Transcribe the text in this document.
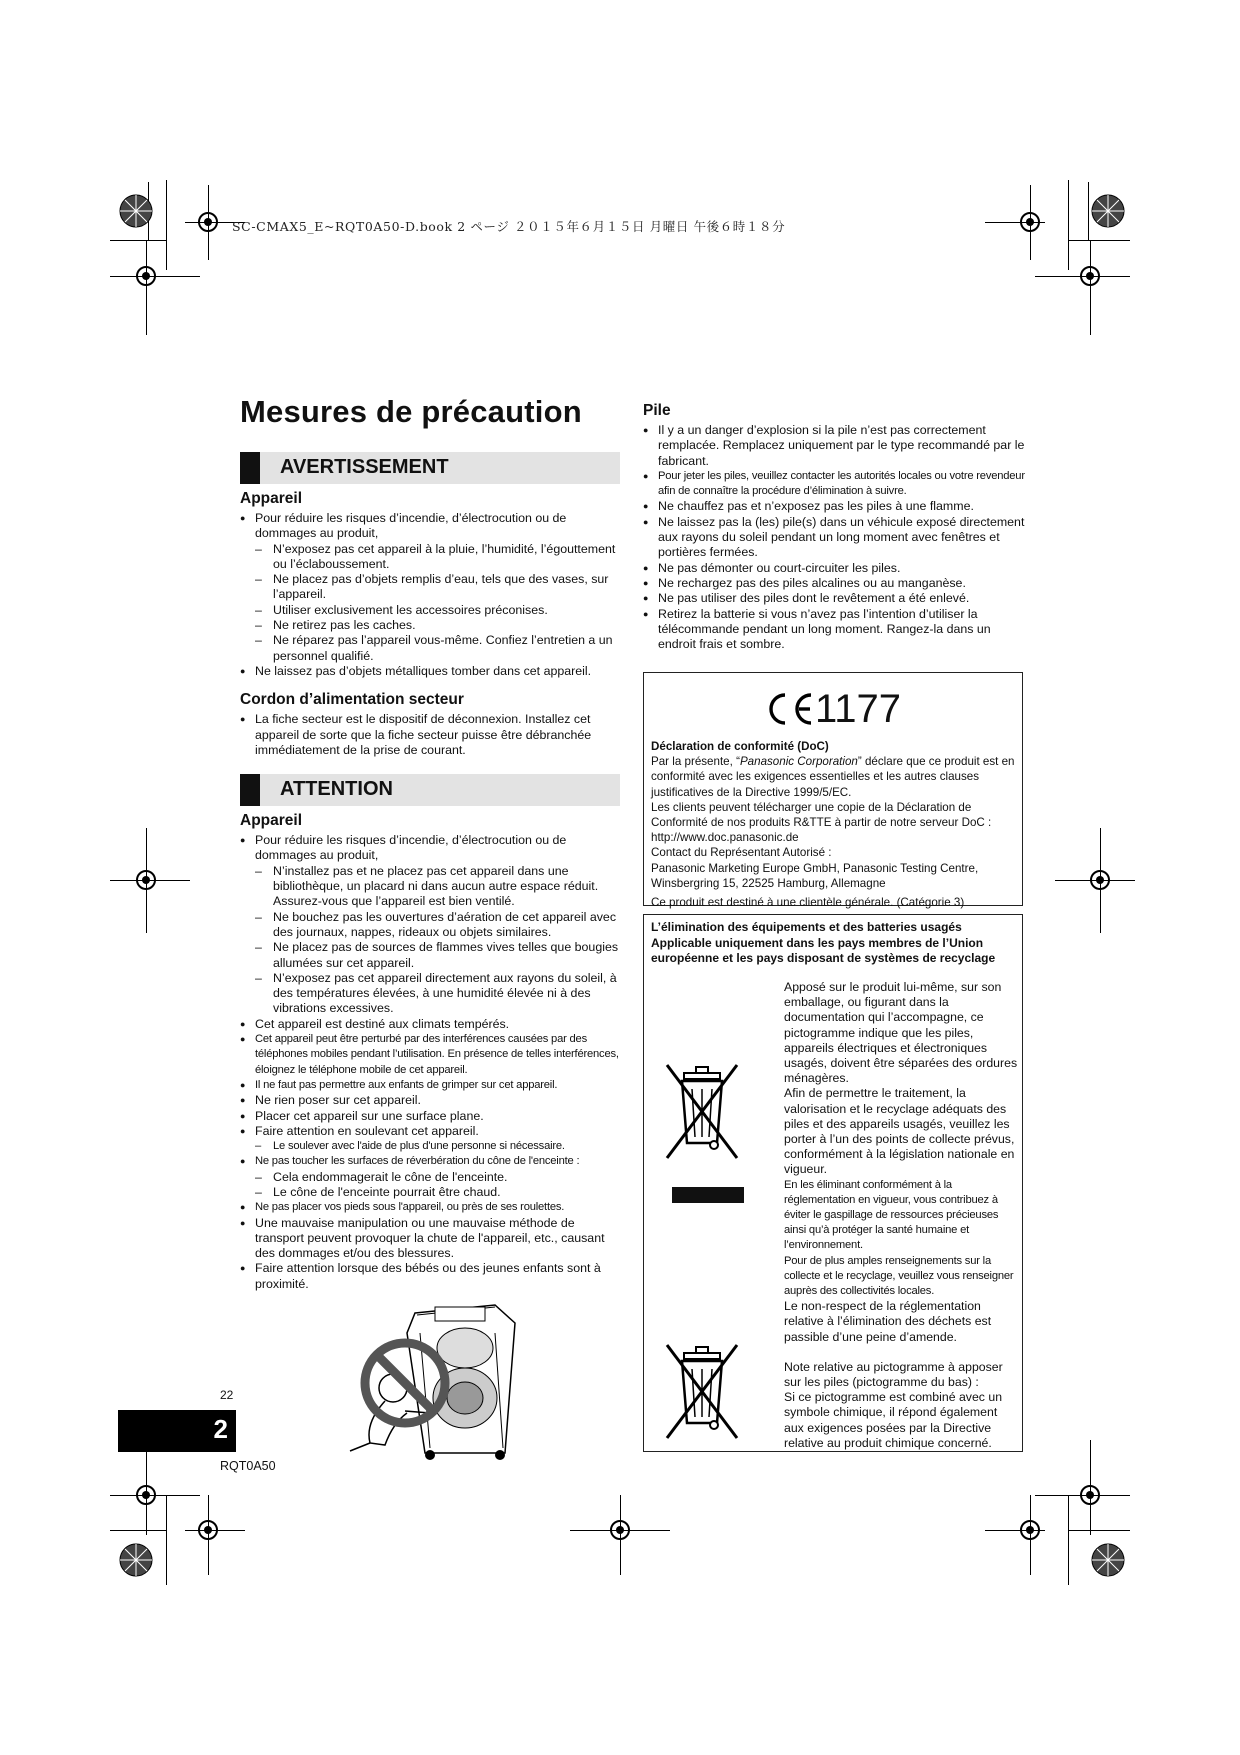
SC-CMAX5_E~RQT0A50-D.book 2 ページ ２０１５年６月１５日 月曜日 午後６時１８分
Mesures de précaution
AVERTISSEMENT
Appareil
● Pour réduire les risques d’incendie, d’électrocution ou de dommages au produit,
– N’exposez pas cet appareil à la pluie, l’humidité, l’égouttement ou l’éclaboussement.
– Ne placez pas d’objets remplis d’eau, tels que des vases, sur l’appareil.
– Utiliser exclusivement les accessoires préconises.
– Ne retirez pas les caches.
– Ne réparez pas l’appareil vous-même. Confiez l’entretien a un personnel qualifié.
● Ne laissez pas d’objets métalliques tomber dans cet appareil.
Cordon d’alimentation secteur
● La fiche secteur est le dispositif de déconnexion. Installez cet appareil de sorte que la fiche secteur puisse être débranchée immédiatement de la prise de courant.
ATTENTION
Appareil
● Pour réduire les risques d’incendie, d’électrocution ou de dommages au produit,
– N’installez pas et ne placez pas cet appareil dans une bibliothèque, un placard ni dans aucun autre espace réduit. Assurez-vous que l’appareil est bien ventilé.
– Ne bouchez pas les ouvertures d’aération de cet appareil avec des journaux, nappes, rideaux ou objets similaires.
– Ne placez pas de sources de flammes vives telles que bougies allumées sur cet appareil.
– N’exposez pas cet appareil directement aux rayons du soleil, à des températures élevées, à une humidité élevée ni à des vibrations excessives.
● Cet appareil est destiné aux climats tempérés.
● Cet appareil peut être perturbé par des interférences causées par des téléphones mobiles pendant l’utilisation. En présence de telles interférences, éloignez le téléphone mobile de cet appareil.
● Il ne faut pas permettre aux enfants de grimper sur cet appareil.
● Ne rien poser sur cet appareil.
● Placer cet appareil sur une surface plane.
● Faire attention en soulevant cet appareil.
– Le soulever avec l'aide de plus d'une personne si nécessaire.
● Ne pas toucher les surfaces de réverbération du cône de l'enceinte :
– Cela endommagerait le cône de l'enceinte.
– Le cône de l'enceinte pourrait être chaud.
● Ne pas placer vos pieds sous l'appareil, ou près de ses roulettes.
● Une mauvaise manipulation ou une mauvaise méthode de transport peuvent provoquer la chute de l'appareil, etc., causant des dommages et/ou des blessures.
● Faire attention lorsque des bébés ou des jeunes enfants sont à proximité.
Pile
● Il y a un danger d’explosion si la pile n’est pas correctement remplacée. Remplacez uniquement par le type recommandé par le fabricant.
● Pour jeter les piles, veuillez contacter les autorités locales ou votre revendeur afin de connaître la procédure d’élimination à suivre.
● Ne chauffez pas et n’exposez pas les piles à une flamme.
● Ne laissez pas la (les) pile(s) dans un véhicule exposé directement aux rayons du soleil pendant un long moment avec fenêtres et portières fermées.
● Ne pas démonter ou court-circuiter les piles.
● Ne rechargez pas des piles alcalines ou au manganèse.
● Ne pas utiliser des piles dont le revêtement a été enlevé.
● Retirez la batterie si vous n’avez pas l’intention d’utiliser la télécommande pendant un long moment. Rangez-la dans un endroit frais et sombre.
1177

Déclaration de conformité (DoC)

Par la présente, “Panasonic Corporation” déclare que ce produit est en conformité avec les exigences essentielles et les autres clauses justificatives de la Directive 1999/5/EC.

Les clients peuvent télécharger une copie de la Déclaration de Conformité de nos produits R&TTE à partir de notre serveur DoC :

http://www.doc.panasonic.de

Contact du Représentant Autorisé :

Panasonic Marketing Europe GmbH, Panasonic Testing Centre, Winsbergring 15, 22525 Hamburg, Allemagne

Ce produit est destiné à une clientèle générale. (Catégorie 3)

L’élimination des équipements et des batteries usagés Applicable uniquement dans les pays membres de l’Union européenne et les pays disposant de systèmes de recyclage

Apposé sur le produit lui-même, sur son emballage, ou figurant dans la documentation qui l’accompagne, ce pictogramme indique que les piles, appareils électriques et électroniques usagés, doivent être séparées des ordures ménagères.

Afin de permettre le traitement, la valorisation et le recyclage adéquats des piles et des appareils usagés, veuillez les porter à l’un des points de collecte prévus, conformément à la législation nationale en vigueur.

En les éliminant conformément à la réglementation en vigueur, vous contribuez à éviter le gaspillage de ressources précieuses ainsi qu’à protéger la santé humaine et l’environnement.

Pour de plus amples renseignements sur la collecte et le recyclage, veuillez vous renseigner auprès des collectivités locales.

Le non-respect de la réglementation relative à l’élimination des déchets est passible d’une peine d’amende.

Note relative au pictogramme à apposer sur les piles (pictogramme du bas) :

Si ce pictogramme est combiné avec un symbole chimique, il répond également aux exigences posées par la Directive relative au produit chimique concerné.

22
2
RQT0A50
